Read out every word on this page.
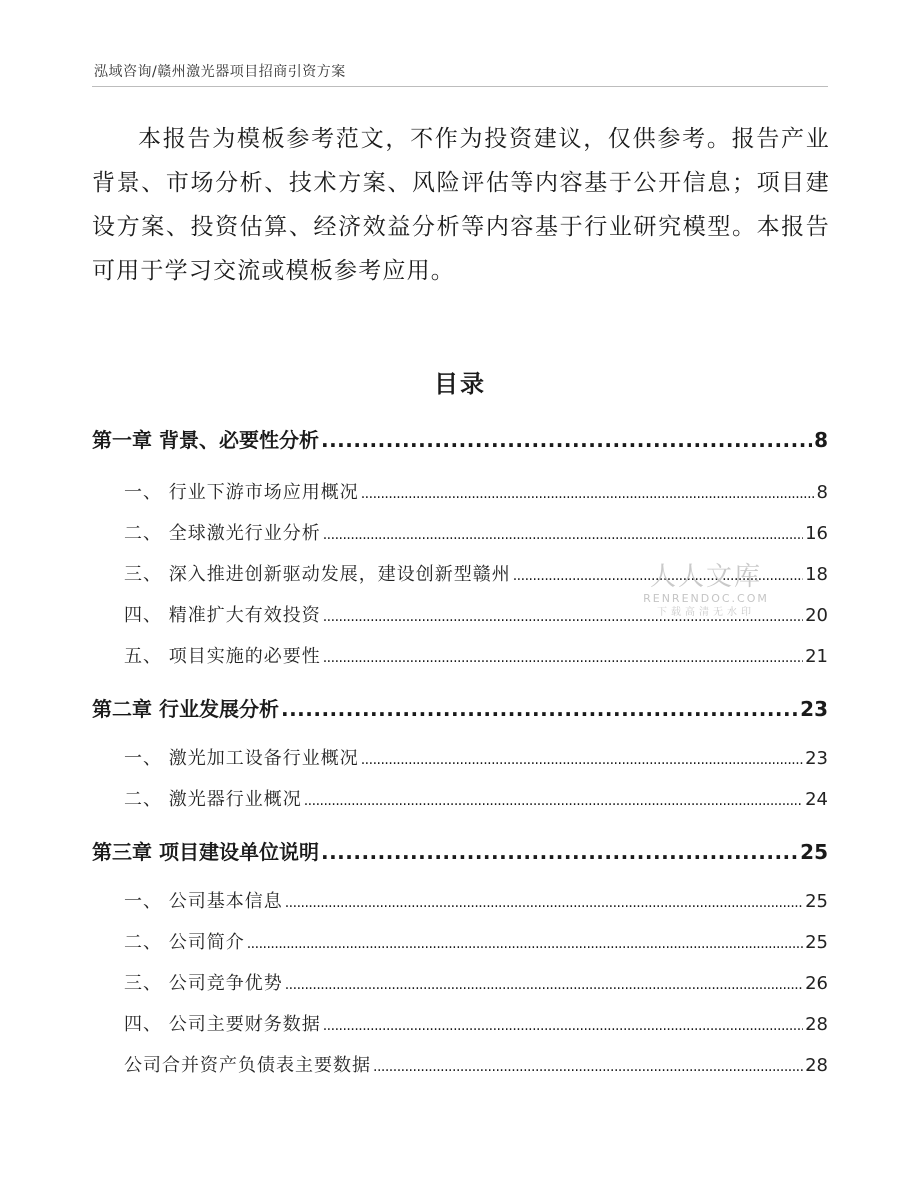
泓域咨询/赣州激光器项目招商引资方案

本报告为模板参考范文，不作为投资建议，仅供参考。报告产业背景、市场分析、技术方案、风险评估等内容基于公开信息；项目建设方案、投资估算、经济效益分析等内容基于行业研究模型。本报告可用于学习交流或模板参考应用。

目录
第一章 背景、必要性分析 .....	8
一、 行业下游市场应用概况 .....	8
二、 全球激光行业分析 .....	16
三、 深入推进创新驱动发展，建设创新型赣州 .....	18
四、 精准扩大有效投资 .....	20
五、 项目实施的必要性 .....	21
第二章 行业发展分析 .....	23
一、 激光加工设备行业概况 .....	23
二、 激光器行业概况 .....	24
第三章 项目建设单位说明 .....	25
一、 公司基本信息 .....	25
二、 公司简介 .....	25
三、 公司竞争优势 .....	26
四、 公司主要财务数据 .....	28
公司合并资产负债表主要数据 .....	28
人人文库
RENRENDOC.COM
下载高清无水印
